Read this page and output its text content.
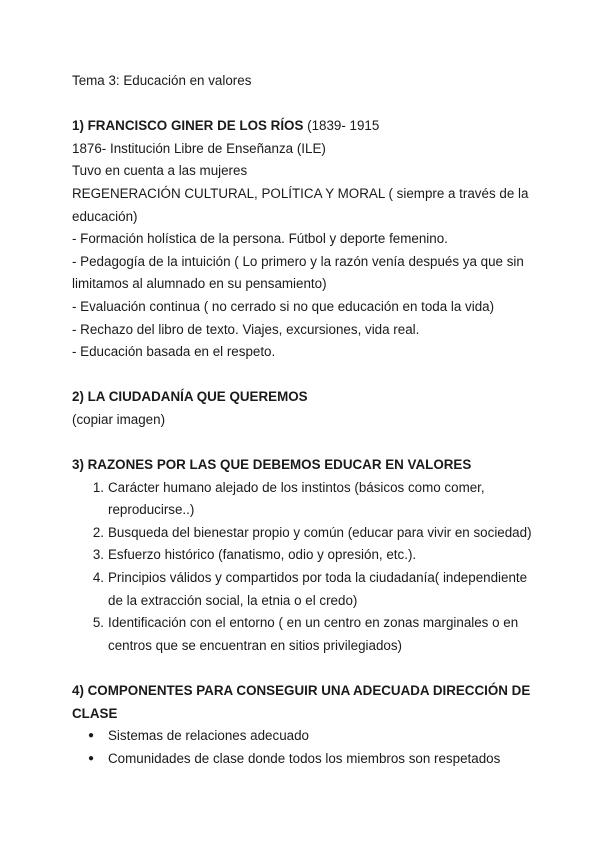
Tema 3: Educación en valores

1) FRANCISCO GINER DE LOS RÍOS (1839- 1915

1876- Institución Libre de Enseñanza (ILE)

Tuvo en cuenta a las mujeres

REGENERACIÓN CULTURAL, POLÍTICA Y MORAL ( siempre a través de la educación)

- Formación holística de la persona. Fútbol y deporte femenino.

- Pedagogía de la intuición ( Lo primero y la razón venía después ya que sin limitamos al alumnado en su pensamiento)

- Evaluación continua ( no cerrado si no que educación en toda la vida)

- Rechazo del libro de texto. Viajes, excursiones, vida real.

- Educación basada en el respeto.

2) LA CIUDADANÍA QUE QUEREMOS

(copiar imagen)

3) RAZONES POR LAS QUE DEBEMOS EDUCAR EN VALORES
1. Carácter humano alejado de los instintos (básicos como comer, reproducirse..)
2. Busqueda del bienestar propio y común (educar para vivir en sociedad)
3. Esfuerzo histórico (fanatismo, odio y opresión, etc.).
4. Principios válidos y compartidos por toda la ciudadanía( independiente de la extracción social, la etnia o el credo)
5. Identificación con el entorno ( en un centro en zonas marginales o en centros que se encuentran en sitios privilegiados)
4) COMPONENTES PARA CONSEGUIR UNA ADECUADA DIRECCIÓN DE CLASE
● Sistemas de relaciones adecuado
● Comunidades de clase donde todos los miembros son respetados
